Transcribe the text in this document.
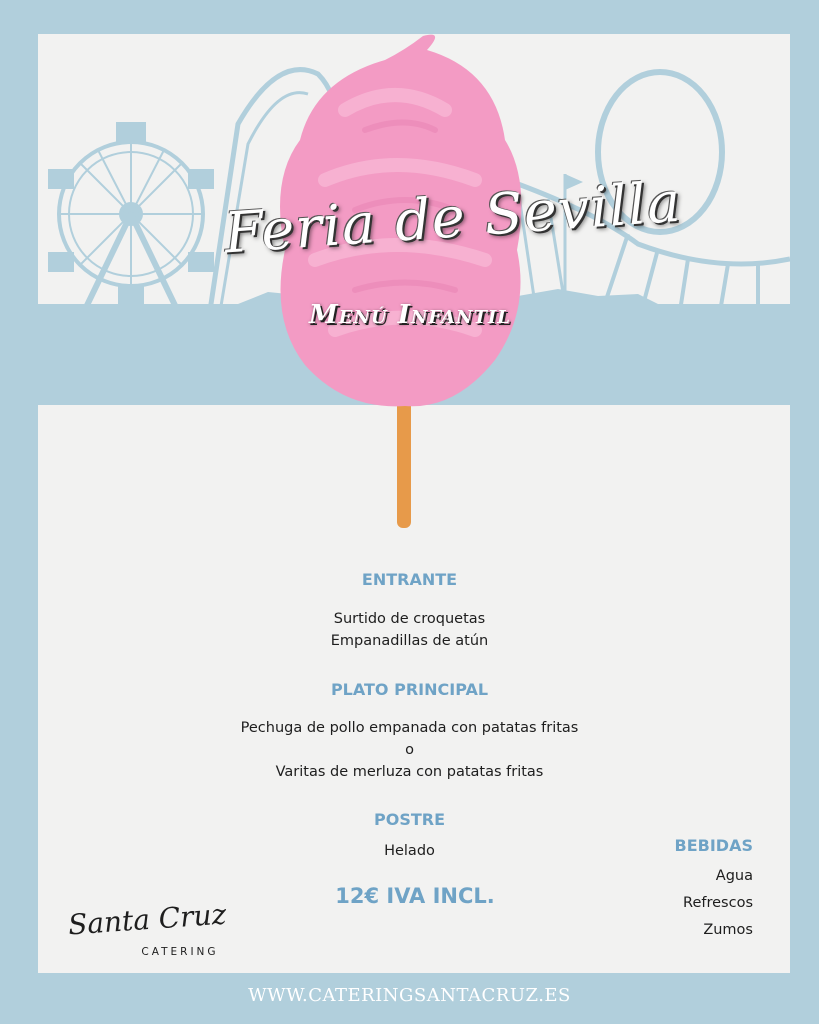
Feria de Sevilla
Menú Infantil
ENTRANTE
Surtido de croquetas
Empanadillas de atún
PLATO PRINCIPAL
Pechuga de pollo empanada con patatas fritas
o
Varitas de merluza con patatas fritas
POSTRE
Helado
12€ IVA INCL.
BEBIDAS
Agua
Refrescos
Zumos
Santa Cruz
CATERING
WWW.CATERINGSANTACRUZ.ES
